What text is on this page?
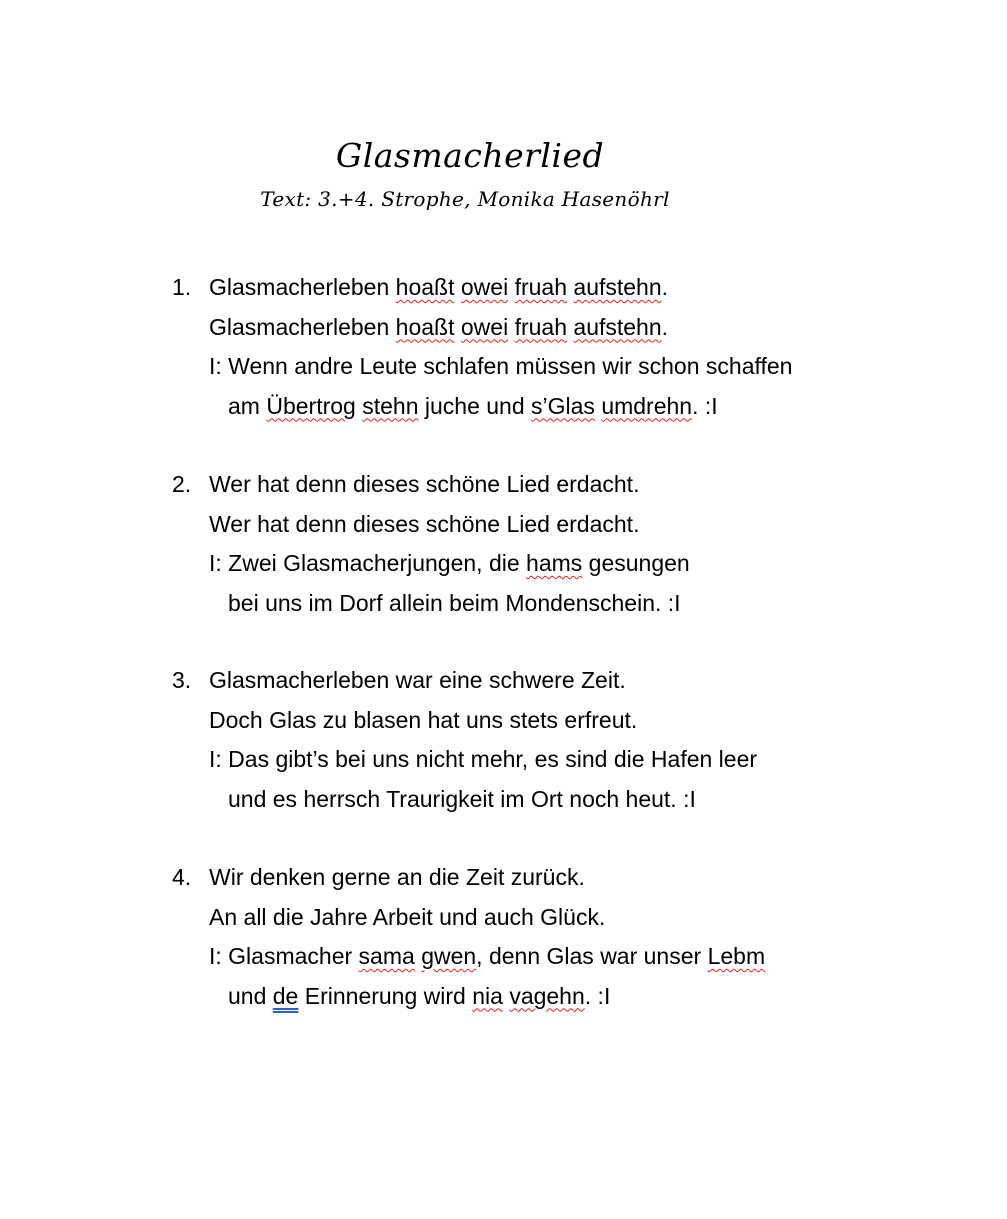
Glasmacherlied
Text: 3.+4. Strophe, Monika Hasenöhrl
1. Glasmacherleben hoaßt owei fruah aufstehn.
Glasmacherleben hoaßt owei fruah aufstehn.
I: Wenn andre Leute schlafen müssen wir schon schaffen
am Übertrog stehn juche und s’Glas umdrehn. :I
2. Wer hat denn dieses schöne Lied erdacht.
Wer hat denn dieses schöne Lied erdacht.
I: Zwei Glasmacherjungen, die hams gesungen
bei uns im Dorf allein beim Mondenschein. :I
3. Glasmacherleben war eine schwere Zeit.
Doch Glas zu blasen hat uns stets erfreut.
I: Das gibt’s bei uns nicht mehr, es sind die Hafen leer
und es herrsch Traurigkeit im Ort noch heut. :I
4. Wir denken gerne an die Zeit zurück.
An all die Jahre Arbeit und auch Glück.
I: Glasmacher sama gwen, denn Glas war unser Lebm
und de Erinnerung wird nia vagehn. :I
